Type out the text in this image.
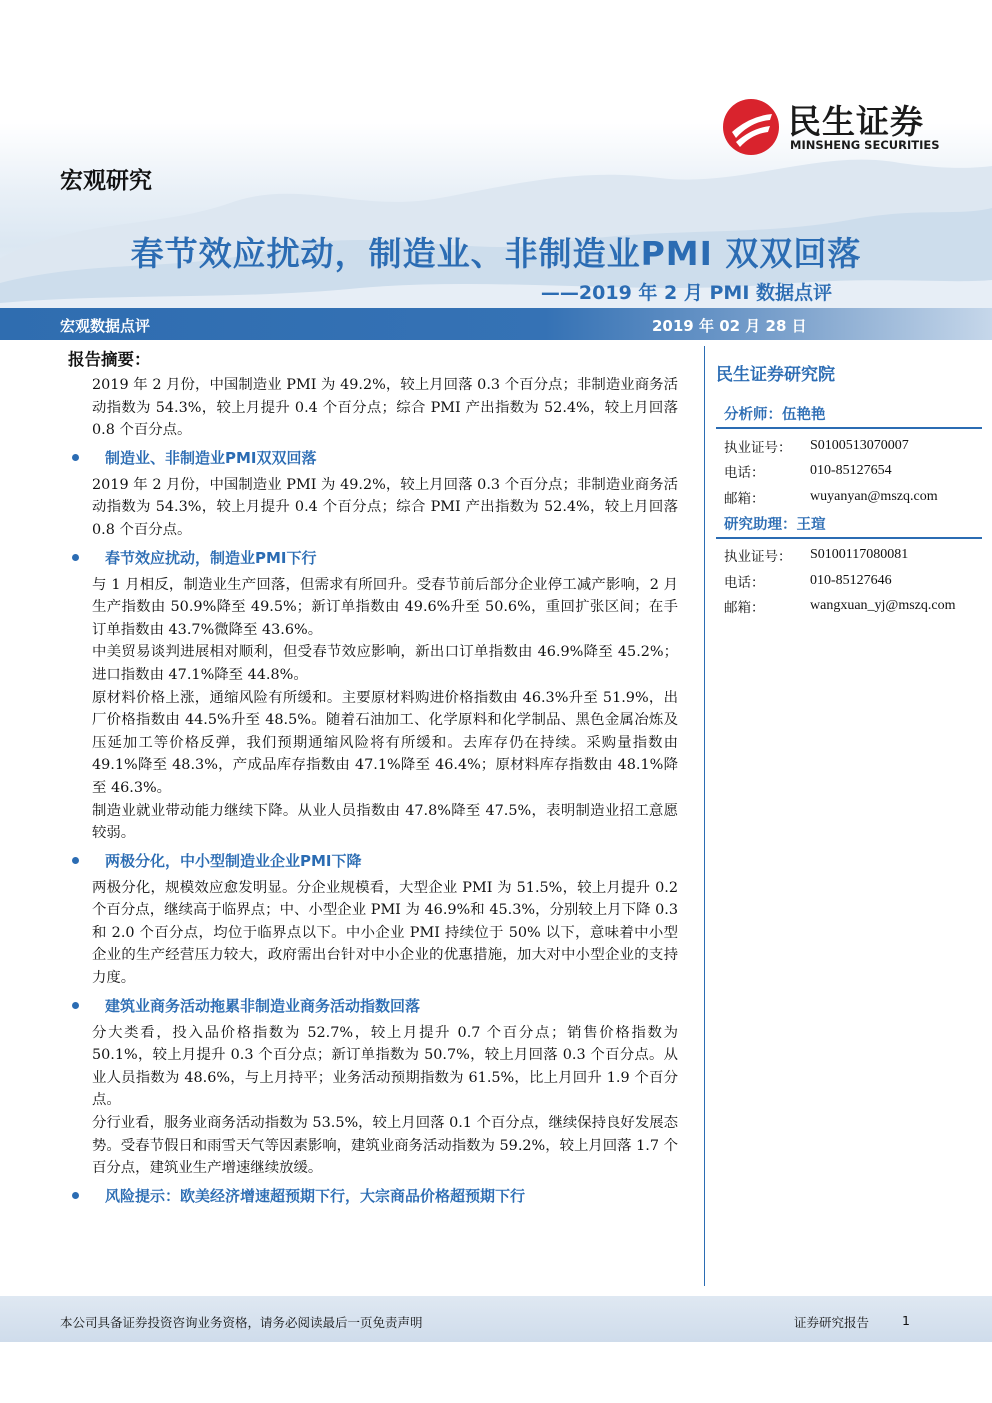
民生证券
MINSHENG SECURITIES
宏观研究
春节效应扰动，制造业、非制造业PMI 双双回落
——2019 年 2 月 PMI 数据点评
宏观数据点评	2019 年 02 月 28 日
报告摘要：

2019 年 2 月份，中国制造业 PMI 为 49.2%，较上月回落 0.3 个百分点；非制造业商务活动指数为 54.3%，较上月提升 0.4 个百分点；综合 PMI 产出指数为 52.4%，较上月回落 0.8 个百分点。

制造业、非制造业PMI双双回落

2019 年 2 月份，中国制造业 PMI 为 49.2%，较上月回落 0.3 个百分点；非制造业商务活动指数为 54.3%，较上月提升 0.4 个百分点；综合 PMI 产出指数为 52.4%，较上月回落 0.8 个百分点。

春节效应扰动，制造业PMI下行

与 1 月相反，制造业生产回落，但需求有所回升。受春节前后部分企业停工减产影响，2 月生产指数由 50.9%降至 49.5%；新订单指数由 49.6%升至 50.6%，重回扩张区间；在手订单指数由 43.7%微降至 43.6%。

中美贸易谈判进展相对顺利，但受春节效应影响，新出口订单指数由 46.9%降至 45.2%；进口指数由 47.1%降至 44.8%。

原材料价格上涨，通缩风险有所缓和。主要原材料购进价格指数由 46.3%升至 51.9%，出厂价格指数由 44.5%升至 48.5%。随着石油加工、化学原料和化学制品、黑色金属冶炼及压延加工等价格反弹，我们预期通缩风险将有所缓和。去库存仍在持续。采购量指数由 49.1%降至 48.3%，产成品库存指数由 47.1%降至 46.4%；原材料库存指数由 48.1%降至 46.3%。

制造业就业带动能力继续下降。从业人员指数由 47.8%降至 47.5%，表明制造业招工意愿较弱。

两极分化，中小型制造业企业PMI下降

两极分化，规模效应愈发明显。分企业规模看，大型企业 PMI 为 51.5%，较上月提升 0.2 个百分点，继续高于临界点；中、小型企业 PMI 为 46.9%和 45.3%，分别较上月下降 0.3 和 2.0 个百分点，均位于临界点以下。中小企业 PMI 持续位于 50% 以下，意味着中小型企业的生产经营压力较大，政府需出台针对中小企业的优惠措施，加大对中小型企业的支持力度。

建筑业商务活动拖累非制造业商务活动指数回落

分大类看，投入品价格指数为 52.7%，较上月提升 0.7 个百分点；销售价格指数为 50.1%，较上月提升 0.3 个百分点；新订单指数为 50.7%，较上月回落 0.3 个百分点。从业人员指数为 48.6%，与上月持平；业务活动预期指数为 61.5%，比上月回升 1.9 个百分点。

分行业看，服务业商务活动指数为 53.5%，较上月回落 0.1 个百分点，继续保持良好发展态势。受春节假日和雨雪天气等因素影响，建筑业商务活动指数为 59.2%，较上月回落 1.7 个百分点，建筑业生产增速继续放缓。

风险提示：欧美经济增速超预期下行，大宗商品价格超预期下行
民生证券研究院
分析师：伍艳艳
执业证号：	S0100513070007
电话：	010-85127654
邮箱：	wuyanyan@mszq.com
研究助理：王瑄
执业证号：	S0100117080081
电话：	010-85127646
邮箱：	wangxuan_yj@mszq.com
本公司具备证券投资咨询业务资格，请务必阅读最后一页免责声明	证券研究报告	1
